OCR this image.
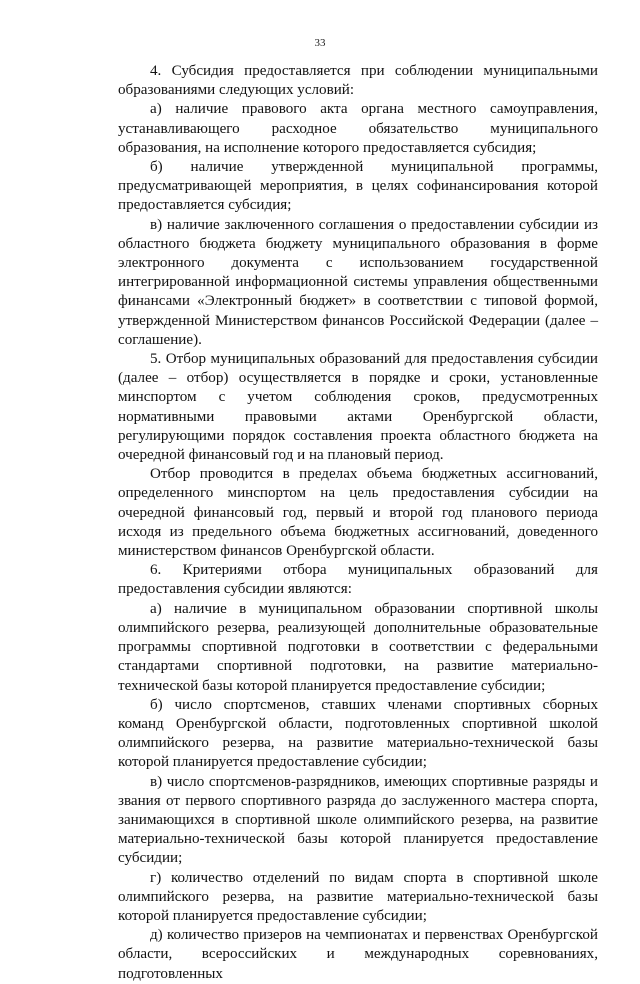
33

4. Субсидия предоставляется при соблюдении муниципальными образованиями следующих условий:

а) наличие правового акта органа местного самоуправления, устанавливающего расходное обязательство муниципального образования, на исполнение которого предоставляется субсидия;

б) наличие утвержденной муниципальной программы, предусматривающей мероприятия, в целях софинансирования которой предоставляется субсидия;

в) наличие заключенного соглашения о предоставлении субсидии из областного бюджета бюджету муниципального образования в форме электронного документа с использованием государственной интегрированной информационной системы управления общественными финансами «Электронный бюджет» в соответствии с типовой формой, утвержденной Министерством финансов Российской Федерации (далее – соглашение).

5. Отбор муниципальных образований для предоставления субсидии (далее – отбор) осуществляется в порядке и сроки, установленные минспортом с учетом соблюдения сроков, предусмотренных нормативными правовыми актами Оренбургской области, регулирующими порядок составления проекта областного бюджета на очередной финансовый год и на плановый период.

Отбор проводится в пределах объема бюджетных ассигнований, определенного минспортом на цель предоставления субсидии на очередной финансовый год, первый и второй год планового периода исходя из предельного объема бюджетных ассигнований, доведенного министерством финансов Оренбургской области.

6. Критериями отбора муниципальных образований для предоставления субсидии являются:

а) наличие в муниципальном образовании спортивной школы олимпийского резерва, реализующей дополнительные образовательные программы спортивной подготовки в соответствии с федеральными стандартами спортивной подготовки, на развитие материально-технической базы которой планируется предоставление субсидии;

б) число спортсменов, ставших членами спортивных сборных команд Оренбургской области, подготовленных спортивной школой олимпийского резерва, на развитие материально-технической базы которой планируется предоставление субсидии;

в) число спортсменов-разрядников, имеющих спортивные разряды и звания от первого спортивного разряда до заслуженного мастера спорта, занимающихся в спортивной школе олимпийского резерва, на развитие материально-технической базы которой планируется предоставление субсидии;

г) количество отделений по видам спорта в спортивной школе олимпийского резерва, на развитие материально-технической базы которой планируется предоставление субсидии;

д) количество призеров на чемпионатах и первенствах Оренбургской области, всероссийских и международных соревнованиях, подготовленных
